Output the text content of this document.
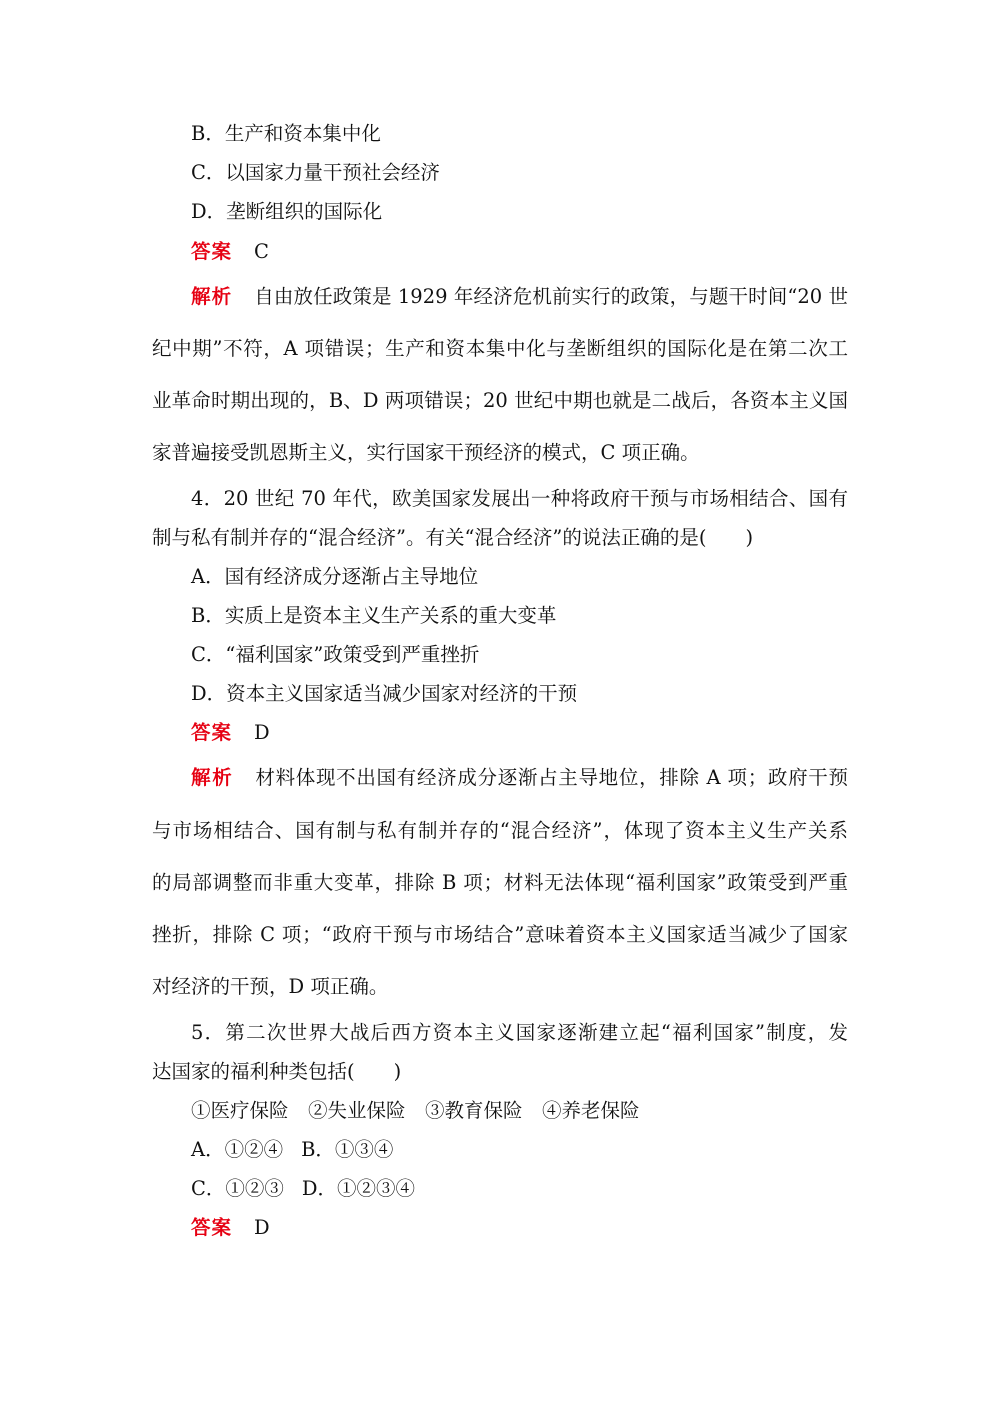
B．生产和资本集中化
C．以国家力量干预社会经济
D．垄断组织的国际化
答案 C
解析 自由放任政策是 1929 年经济危机前实行的政策，与题干时间“20 世
纪中期”不符，A 项错误；生产和资本集中化与垄断组织的国际化是在第二次工
业革命时期出现的，B、D 两项错误；20 世纪中期也就是二战后，各资本主义国
家普遍接受凯恩斯主义，实行国家干预经济的模式，C 项正确。
4．20 世纪 70 年代，欧美国家发展出一种将政府干预与市场相结合、国有
制与私有制并存的“混合经济”。有关“混合经济”的说法正确的是(　　)
A．国有经济成分逐渐占主导地位
B．实质上是资本主义生产关系的重大变革
C．“福利国家”政策受到严重挫折
D．资本主义国家适当减少国家对经济的干预
答案 D
解析 材料体现不出国有经济成分逐渐占主导地位，排除 A 项；政府干预
与市场相结合、国有制与私有制并存的“混合经济”，体现了资本主义生产关系
的局部调整而非重大变革，排除 B 项；材料无法体现“福利国家”政策受到严重
挫折，排除 C 项；“政府干预与市场结合”意味着资本主义国家适当减少了国家
对经济的干预，D 项正确。
5．第二次世界大战后西方资本主义国家逐渐建立起“福利国家”制度，发
达国家的福利种类包括(　　)
①医疗保险　②失业保险　③教育保险　④养老保险
A．①②④ B．①③④
C．①②③ D．①②③④
答案 D
